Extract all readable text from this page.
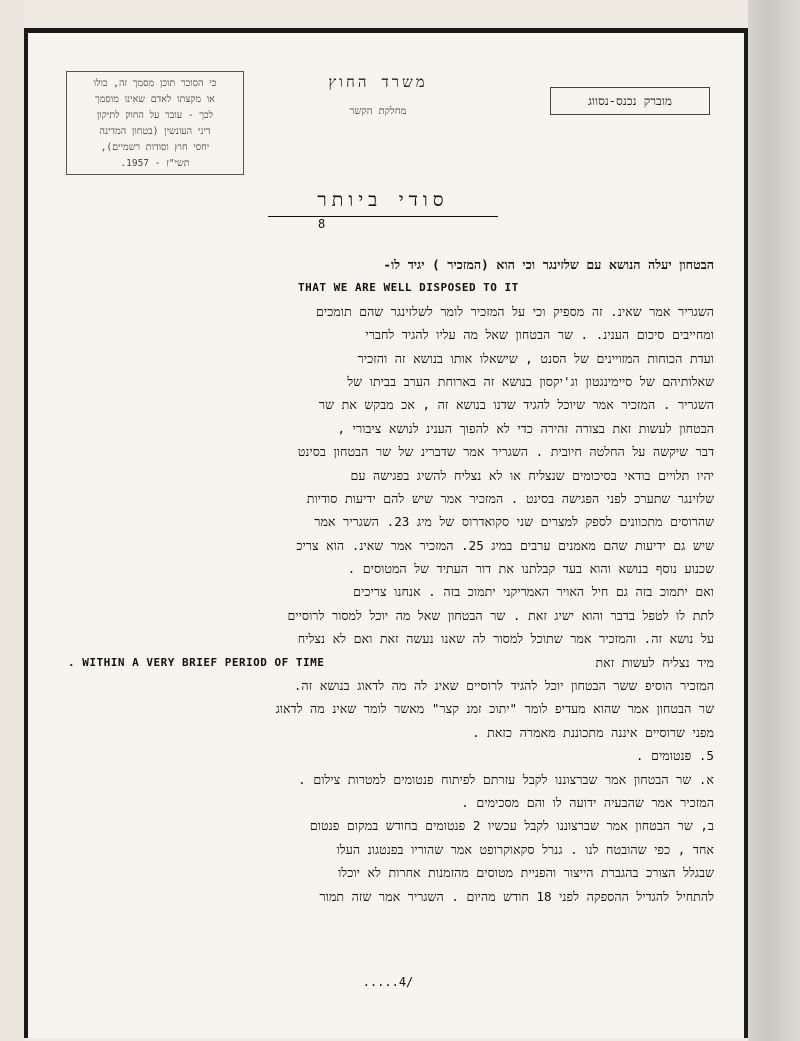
כי הסוכר תוכן מסמך זה, כולו
או מקצתו לאדם שאינו מוסמך
לכך - עובר על החוק לתיקון
דיני העונשין (בטחון המדינה
יחסי חוץ וסודות רשמיים),
תשי"ז - 1957.
משרד החוץ
מחלקת הקשר
מוברק נכנס-נסווג
סודי ביותר
8
הבטחון יעלה הנושא עם שלזינגר וכי הוא (המזכיר ) יגיד לו-
THAT WE ARE WELL DISPOSED TO IT
השגריר אמר שאינ. זה מספיק וכי על המזכיר לומר לשלזינגר שהם תומכים
ומחייבים סיכום הענינ. . שר הבטחון שאל מה עליו להגיד לחברי
ועדת הכוחות המזויינים של הסנט , שישאלו אותו בנושא זה והזכיר
שאלותיהם של סיימינגטון וג'יקסון בנושא זה בארוחת הערב בביתו של
השגריר . המזכיר אמר שיוכל להגיד שדנו בנושא זה , אכ מבקש את שר
הבטחון לעשות זאת בצורה זהירה כדי לא להפוך הענינ לנושא ציבורי ,
דבר שיקשה על החלטה חיובית . השגריר אמר שדברינ של שר הבטחון בסינט
יהיו תלויים בודאי בסיכומים שנצליח או לא נצליח להשיג בפגישה עם
שלזינגר שתערכ לפני הפגישה בסינט . המזכיר אמר שיש להם ידיעות סודיות
שהרוסים מתכוונים לספק למצרים שני סקואדרוס של מיג 23. השגריר אמר
שיש גם ידיעות שהם מאמנים ערבים במיג 25. המזכיר אמר שאינ. הוא צריכ
שכנוע נוסף בנושא והוא בעד קבלתנו את דור העתיד של המטוסים .
ואם יתמוכ בזה גם חיל האויר האמריקני יתמוכ בזה . אנחנו צריכים
לתת לו לטפל בדבר והוא ישיג זאת . שר הבטחון שאל מה יוכל למסור לרוסיים
על נושא זה. והמזכיר אמר שתוכל למסור לה שאנו נעשה זאת ואם לא נצליח
. WITHIN A VERY BRIEF PERIOD OF TIME	מיד נצליח לעשות זאת
המזכיר הוסיפ ששר הבטחון יוכל להגיד לרוסיים שאינ לה מה לדאוג בנושא זה.
שר הבטחון אמר שהוא מעדיפ לומר "יתוכ זמנ קצר" מאשר לומר שאינ מה לדאוג
מפני שרוסיים איננה מתכוננת מאמרה כזאת .
5. פנטומים .
א. שר הבטחון אמר שברצוננו לקבל עזרתם לפיתוח פנטומים למטרות צילום .
המזכיר אמר שהבעיה ידועה לו והם מסכימים .
ב, שר הבטחון אמר שברצוננו לקבל עכשיו 2 פנטומים בחודש במקום פנטום
אחד , כפי שהובטח לנו . גנרל סקאוקרופט אמר שהוריו בפנטגונ העלו
שבגלל הצורכ בהגברת הייצור והפניית מטוסים מהזמנות אחרות לא יוכלו
להתחיל להגדיל ההספקה לפני 18 חודש מהיום . השגריר אמר שזה תמור
.....4/
